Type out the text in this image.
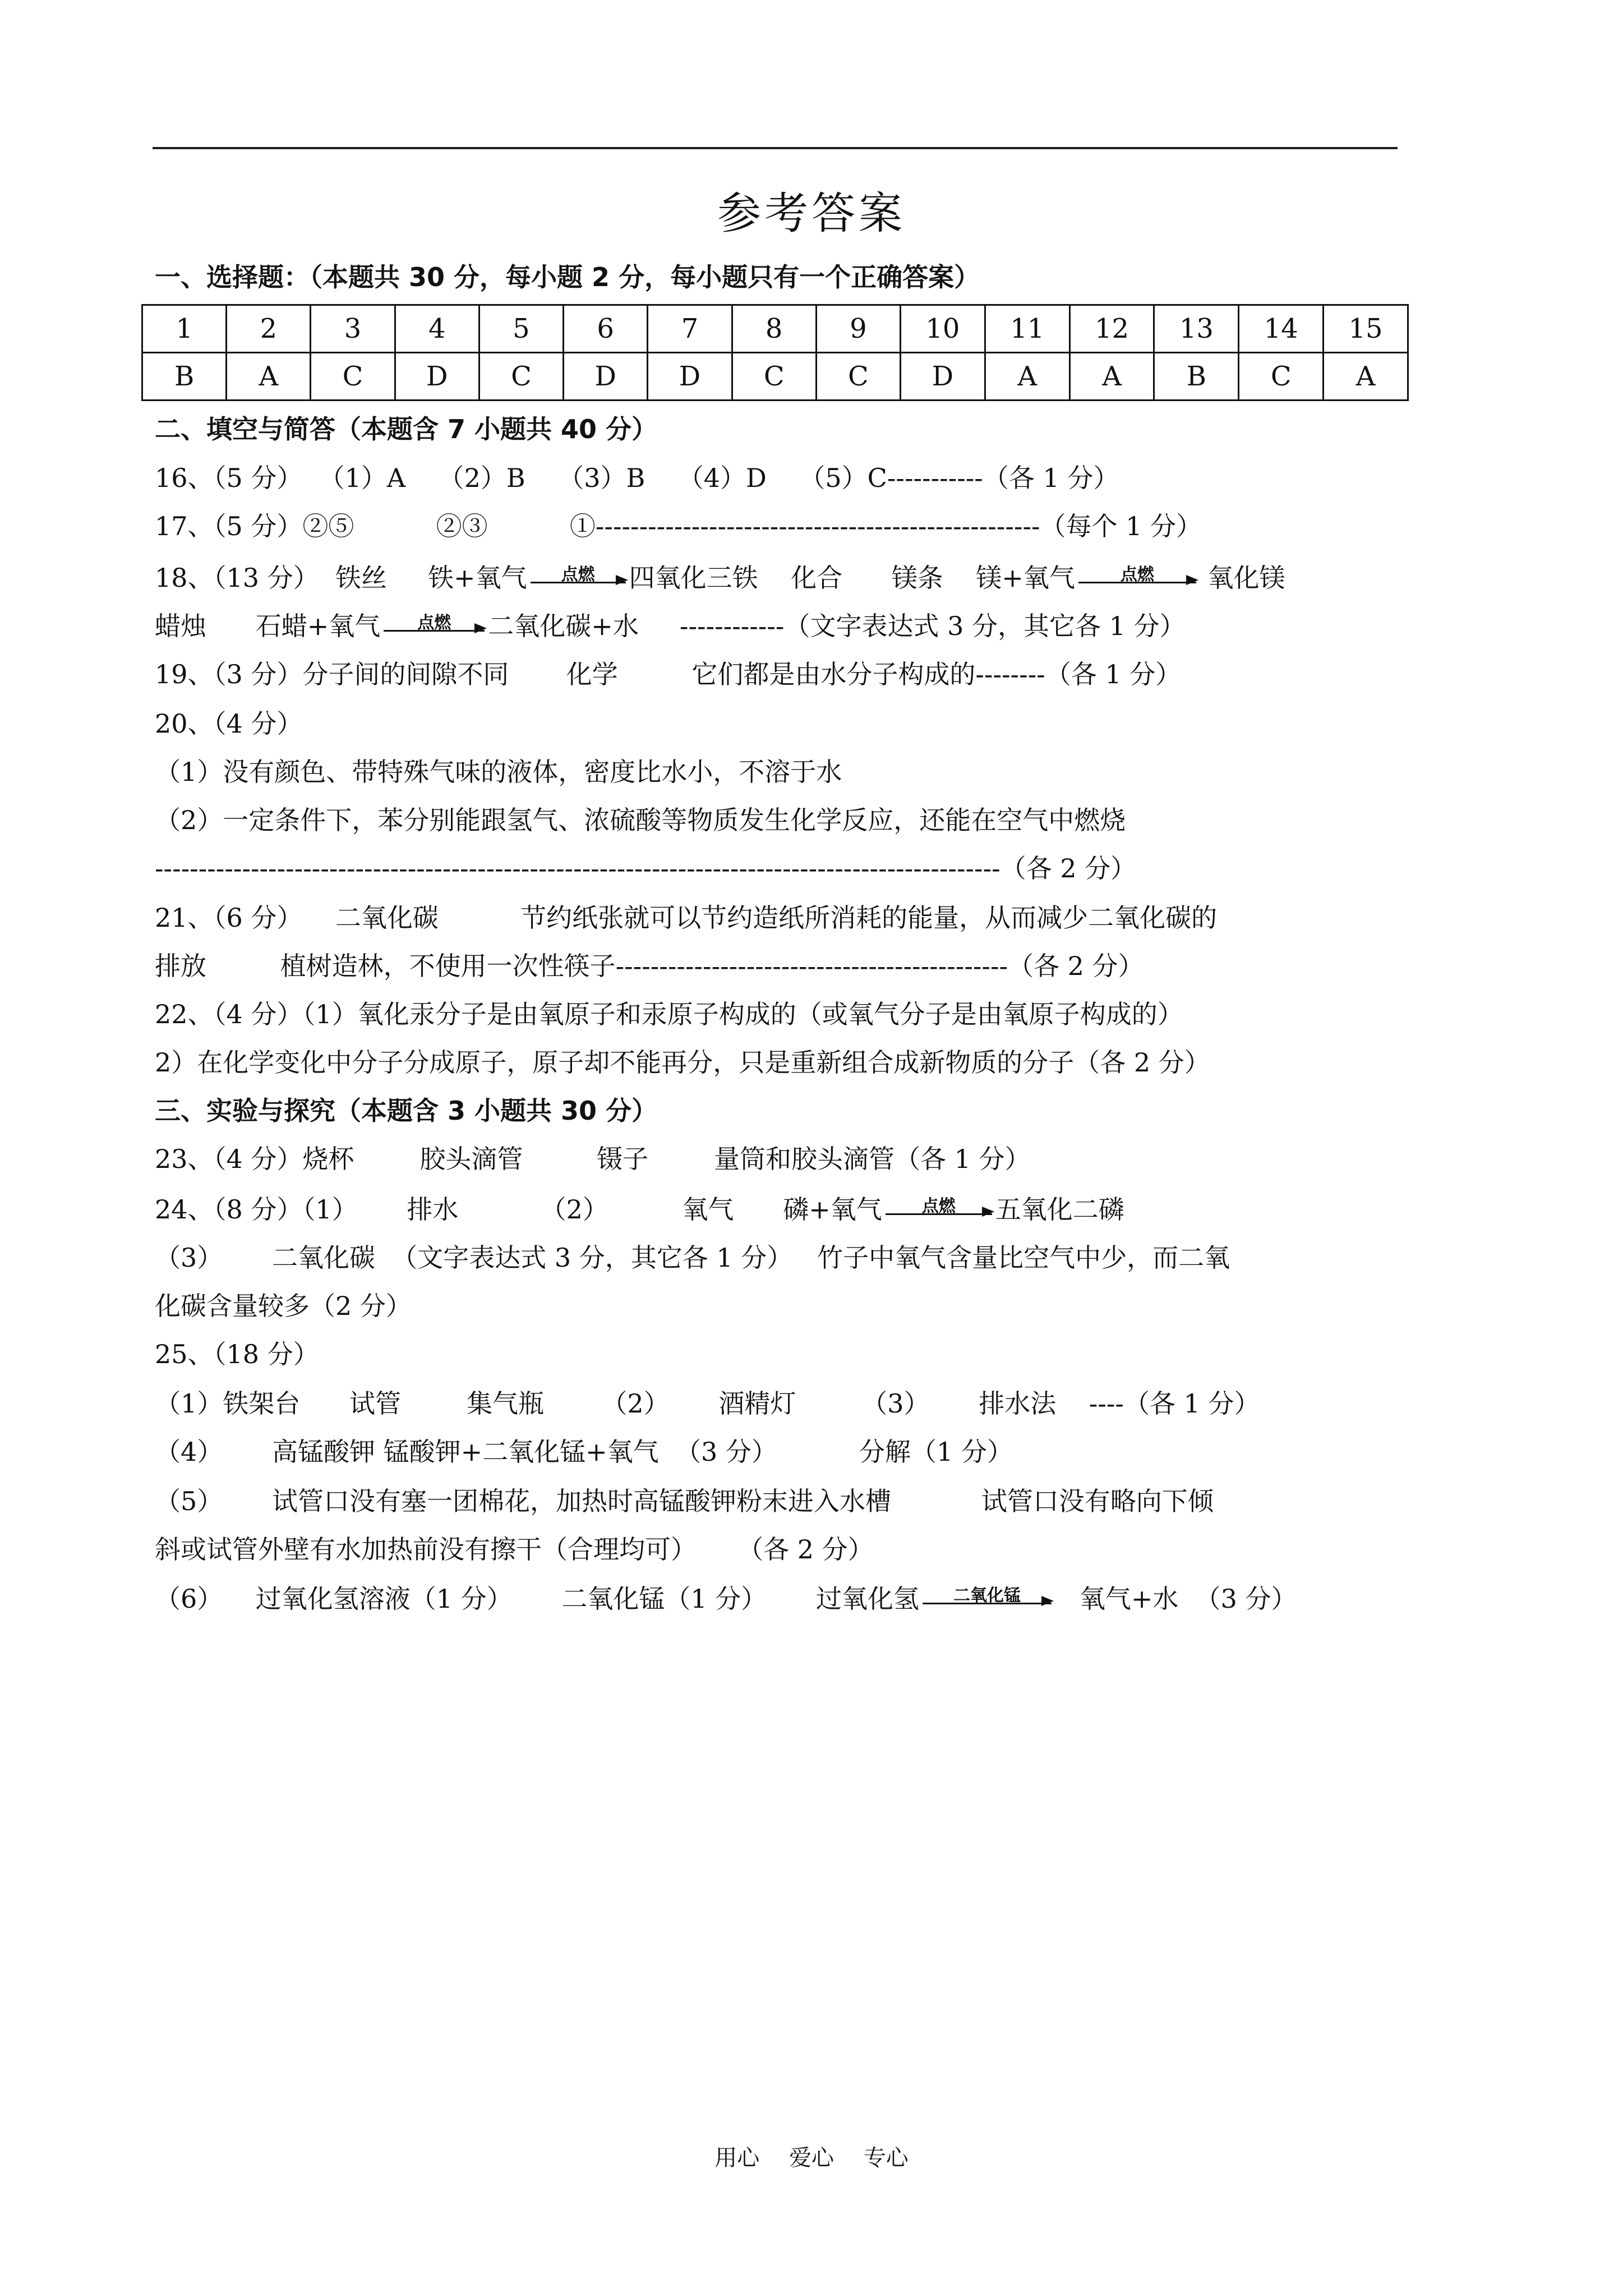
参考答案
一、选择题：（本题共 30 分，每小题 2 分，每小题只有一个正确答案）
1	2	3	4	5	6	7	8	9	10	11	12	13	14	15
B	A	C	D	C	D	D	C	C	D	A	A	B	C	A
二、填空与简答（本题含 7 小题共 40 分）
16、（5 分）  （1）A    （2）B    （3）B    （4）D    （5）C-----------（各 1 分）
17、（5 分）②⑤          ②③          ①---------------------------------------------------（每个 1 分）
18、（13 分）  铁丝     铁+氧气	点燃	四氧化三铁    化合      镁条    镁+氧气	点燃	氧化镁
蜡烛      石蜡+氧气	点燃	二氧化碳+水     ------------（文字表达式 3 分，其它各 1 分）
19、（3 分）分子间的间隙不同       化学         它们都是由水分子构成的--------（各 1 分）
20、（4 分）
（1）没有颜色、带特殊气味的液体，密度比水小，不溶于水
（2）一定条件下，苯分别能跟氢气、浓硫酸等物质发生化学反应，还能在空气中燃烧
-------------------------------------------------------------------------------------------------（各 2 分）
21、（6 分）    二氧化碳          节约纸张就可以节约造纸所消耗的能量，从而减少二氧化碳的
排放         植树造林，不使用一次性筷子---------------------------------------------（各 2 分）
22、（4 分）（1）氧化汞分子是由氧原子和汞原子构成的（或氧气分子是由氧原子构成的）
2）在化学变化中分子分成原子，原子却不能再分，只是重新组合成新物质的分子（各 2 分）
三、实验与探究（本题含 3 小题共 30 分）
23、（4 分）烧杯        胶头滴管         镊子        量筒和胶头滴管（各 1 分）
24、（8 分）（1）      排水          （2）         氧气      磷+氧气	点燃	五氧化二磷
（3）      二氧化碳  （文字表达式 3 分，其它各 1 分）   竹子中氧气含量比空气中少，而二氧
化碳含量较多（2 分）
25、（18 分）
（1）铁架台      试管        集气瓶       （2）      酒精灯        （3）      排水法    ----（各 1 分）
（4）      高锰酸钾 锰酸钾+二氧化锰+氧气  （3 分）          分解（1 分）
（5）      试管口没有塞一团棉花，加热时高锰酸钾粉末进入水槽           试管口没有略向下倾
斜或试管外壁有水加热前没有擦干（合理均可）     （各 2 分）
（6）    过氧化氢溶液（1 分）      二氧化锰（1 分）      过氧化氢	二氧化锰	氧气+水  （3 分）
用心 爱心 专心
